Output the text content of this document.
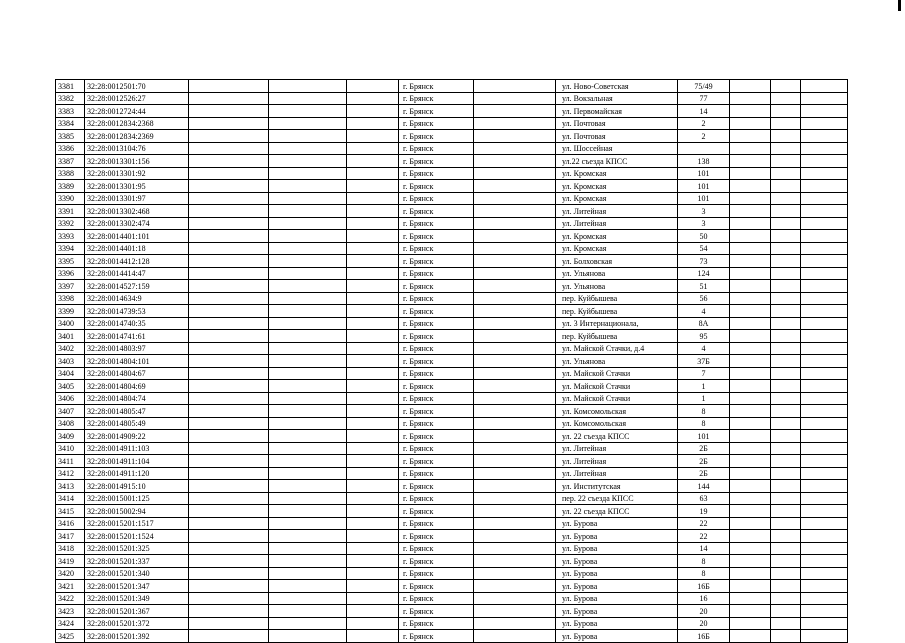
3381	32:28:0012501:70				г. Брянск		ул. Ново-Советская	75/49			
3382	32:28:0012526:27				г. Брянск		ул. Вокзальная	77			
3383	32:28:0012724:44				г. Брянск		ул. Первомайская	14			
3384	32:28:0012834:2368				г. Брянск		ул. Почтовая	2			
3385	32:28:0012834:2369				г. Брянск		ул. Почтовая	2			
3386	32:28:0013104:76				г. Брянск		ул. Шоссейная				
3387	32:28:0013301:156				г. Брянск		ул.22 съезда КПСС	138			
3388	32:28:0013301:92				г. Брянск		ул. Кромская	101			
3389	32:28:0013301:95				г. Брянск		ул. Кромская	101			
3390	32:28:0013301:97				г. Брянск		ул. Кромская	101			
3391	32:28:0013302:468				г. Брянск		ул. Литейная	3			
3392	32:28:0013302:474				г. Брянск		ул. Литейная	3			
3393	32:28:0014401:101				г. Брянск		ул. Кромская	50			
3394	32:28:0014401:18				г. Брянск		ул. Кромская	54			
3395	32:28:0014412:128				г. Брянск		ул. Болховская	73			
3396	32:28:0014414:47				г. Брянск		ул. Ульянова	124			
3397	32:28:0014527:159				г. Брянск		ул. Ульянова	51			
3398	32:28:0014634:9				г. Брянск		пер. Куйбышева	56			
3399	32:28:0014739:53				г. Брянск		пер. Куйбышева	4			
3400	32:28:0014740:35				г. Брянск		ул. 3 Интернационала,	8А			
3401	32:28:0014741:61				г. Брянск		пер. Куйбышева	95			
3402	32:28:0014803:97				г. Брянск		ул. Майской Стачки, д.4	4			
3403	32:28:0014804:101				г. Брянск		ул. Ульянова	37Б			
3404	32:28:0014804:67				г. Брянск		ул. Майской Стачки	7			
3405	32:28:0014804:69				г. Брянск		ул. Майской Стачки	1			
3406	32:28:0014804:74				г. Брянск		ул. Майской Стачки	1			
3407	32:28:0014805:47				г. Брянск		ул. Комсомольская	8			
3408	32:28:0014805:49				г. Брянск		ул. Комсомольская	8			
3409	32:28:0014909:22				г. Брянск		ул. 22 съезда КПСС	101			
3410	32:28:0014911:103				г. Брянск		ул. Литейная	2Б			
3411	32:28:0014911:104				г. Брянск		ул. Литейная	2Б			
3412	32:28:0014911:120				г. Брянск		ул. Литейная	2Б			
3413	32:28:0014915:10				г. Брянск		ул. Институтская	144			
3414	32:28:0015001:125				г. Брянск		пер. 22 съезда КПСС	63			
3415	32:28:0015002:94				г. Брянск		ул. 22 съезда КПСС	19			
3416	32:28:0015201:1517				г. Брянск		ул. Бурова	22			
3417	32:28:0015201:1524				г. Брянск		ул. Бурова	22			
3418	32:28:0015201:325				г. Брянск		ул. Бурова	14			
3419	32:28:0015201:337				г. Брянск		ул. Бурова	8			
3420	32:28:0015201:340				г. Брянск		ул. Бурова	8			
3421	32:28:0015201:347				г. Брянск		ул. Бурова	16Б			
3422	32:28:0015201:349				г. Брянск		ул. Бурова	16			
3423	32:28:0015201:367				г. Брянск		ул. Бурова	20			
3424	32:28:0015201:372				г. Брянск		ул. Бурова	20			
3425	32:28:0015201:392				г. Брянск		ул. Бурова	16Б			
